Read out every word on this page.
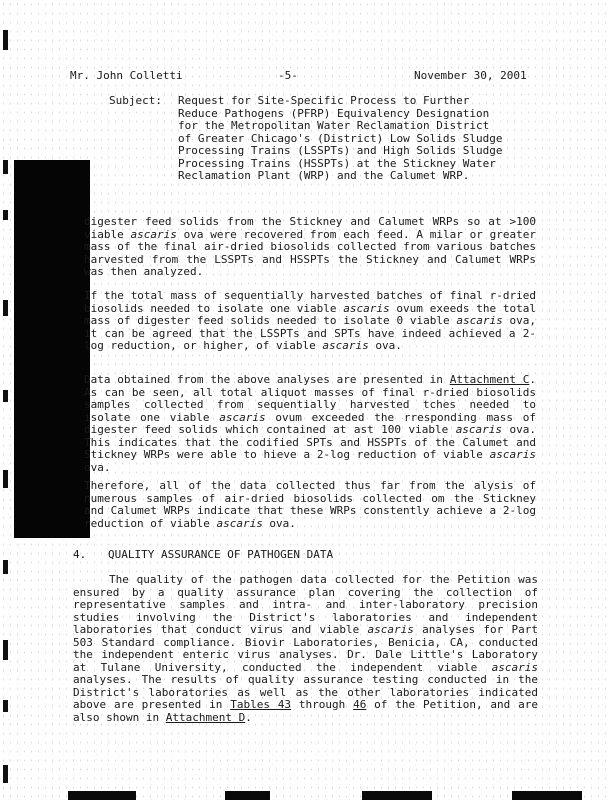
Mr. John Colletti	-5-	November 30, 2001
Subject: Request for Site-Specific Process to Further Reduce Pathogens (PFRP) Equivalency Designation for the Metropolitan Water Reclamation District of Greater Chicago's (District) Low Solids Sludge Processing Trains (LSSPTs) and High Solids Sludge Processing Trains (HSSPTs) at the Stickney Water Reclamation Plant (WRP) and the Calumet WRP.
digester feed solids from the Stickney and Calumet WRPs so at >100 viable ascaris ova were recovered from each feed. A milar or greater mass of the final air-dried biosolids collected from various batches harvested from the LSSPTs and HSSPTs the Stickney and Calumet WRPs was then analyzed.
If the total mass of sequentially harvested batches of final r-dried biosolids needed to isolate one viable ascaris ovum exeeds the total mass of digester feed solids needed to isolate 0 viable ascaris ova, it can be agreed that the LSSPTs and SPTs have indeed achieved a 2-log reduction, or higher, of viable ascaris ova.
Data obtained from the above analyses are presented in Attachment C. As can be seen, all total aliquot masses of final r-dried biosolids samples collected from sequentially harvested tches needed to isolate one viable ascaris ovum exceeded the rresponding mass of digester feed solids which contained at ast 100 viable ascaris ova. This indicates that the codified SPTs and HSSPTs of the Calumet and Stickney WRPs were able to hieve a 2-log reduction of viable ascaris ova.
Therefore, all of the data collected thus far from the alysis of numerous samples of air-dried biosolids collected om the Stickney and Calumet WRPs indicate that these WRPs constently achieve a 2-log reduction of viable ascaris ova.
4. QUALITY ASSURANCE OF PATHOGEN DATA
The quality of the pathogen data collected for the Petition was ensured by a quality assurance plan covering the collection of representative samples and intra- and inter-laboratory precision studies involving the District's laboratories and independent laboratories that conduct virus and viable ascaris analyses for Part 503 Standard compliance. Biovir Laboratories, Benicia, CA, conducted the independent enteric virus analyses. Dr. Dale Little's Laboratory at Tulane University, conducted the independent viable ascaris analyses. The results of quality assurance testing conducted in the District's laboratories as well as the other laboratories indicated above are presented in Tables 43 through 46 of the Petition, and are also shown in Attachment D.
